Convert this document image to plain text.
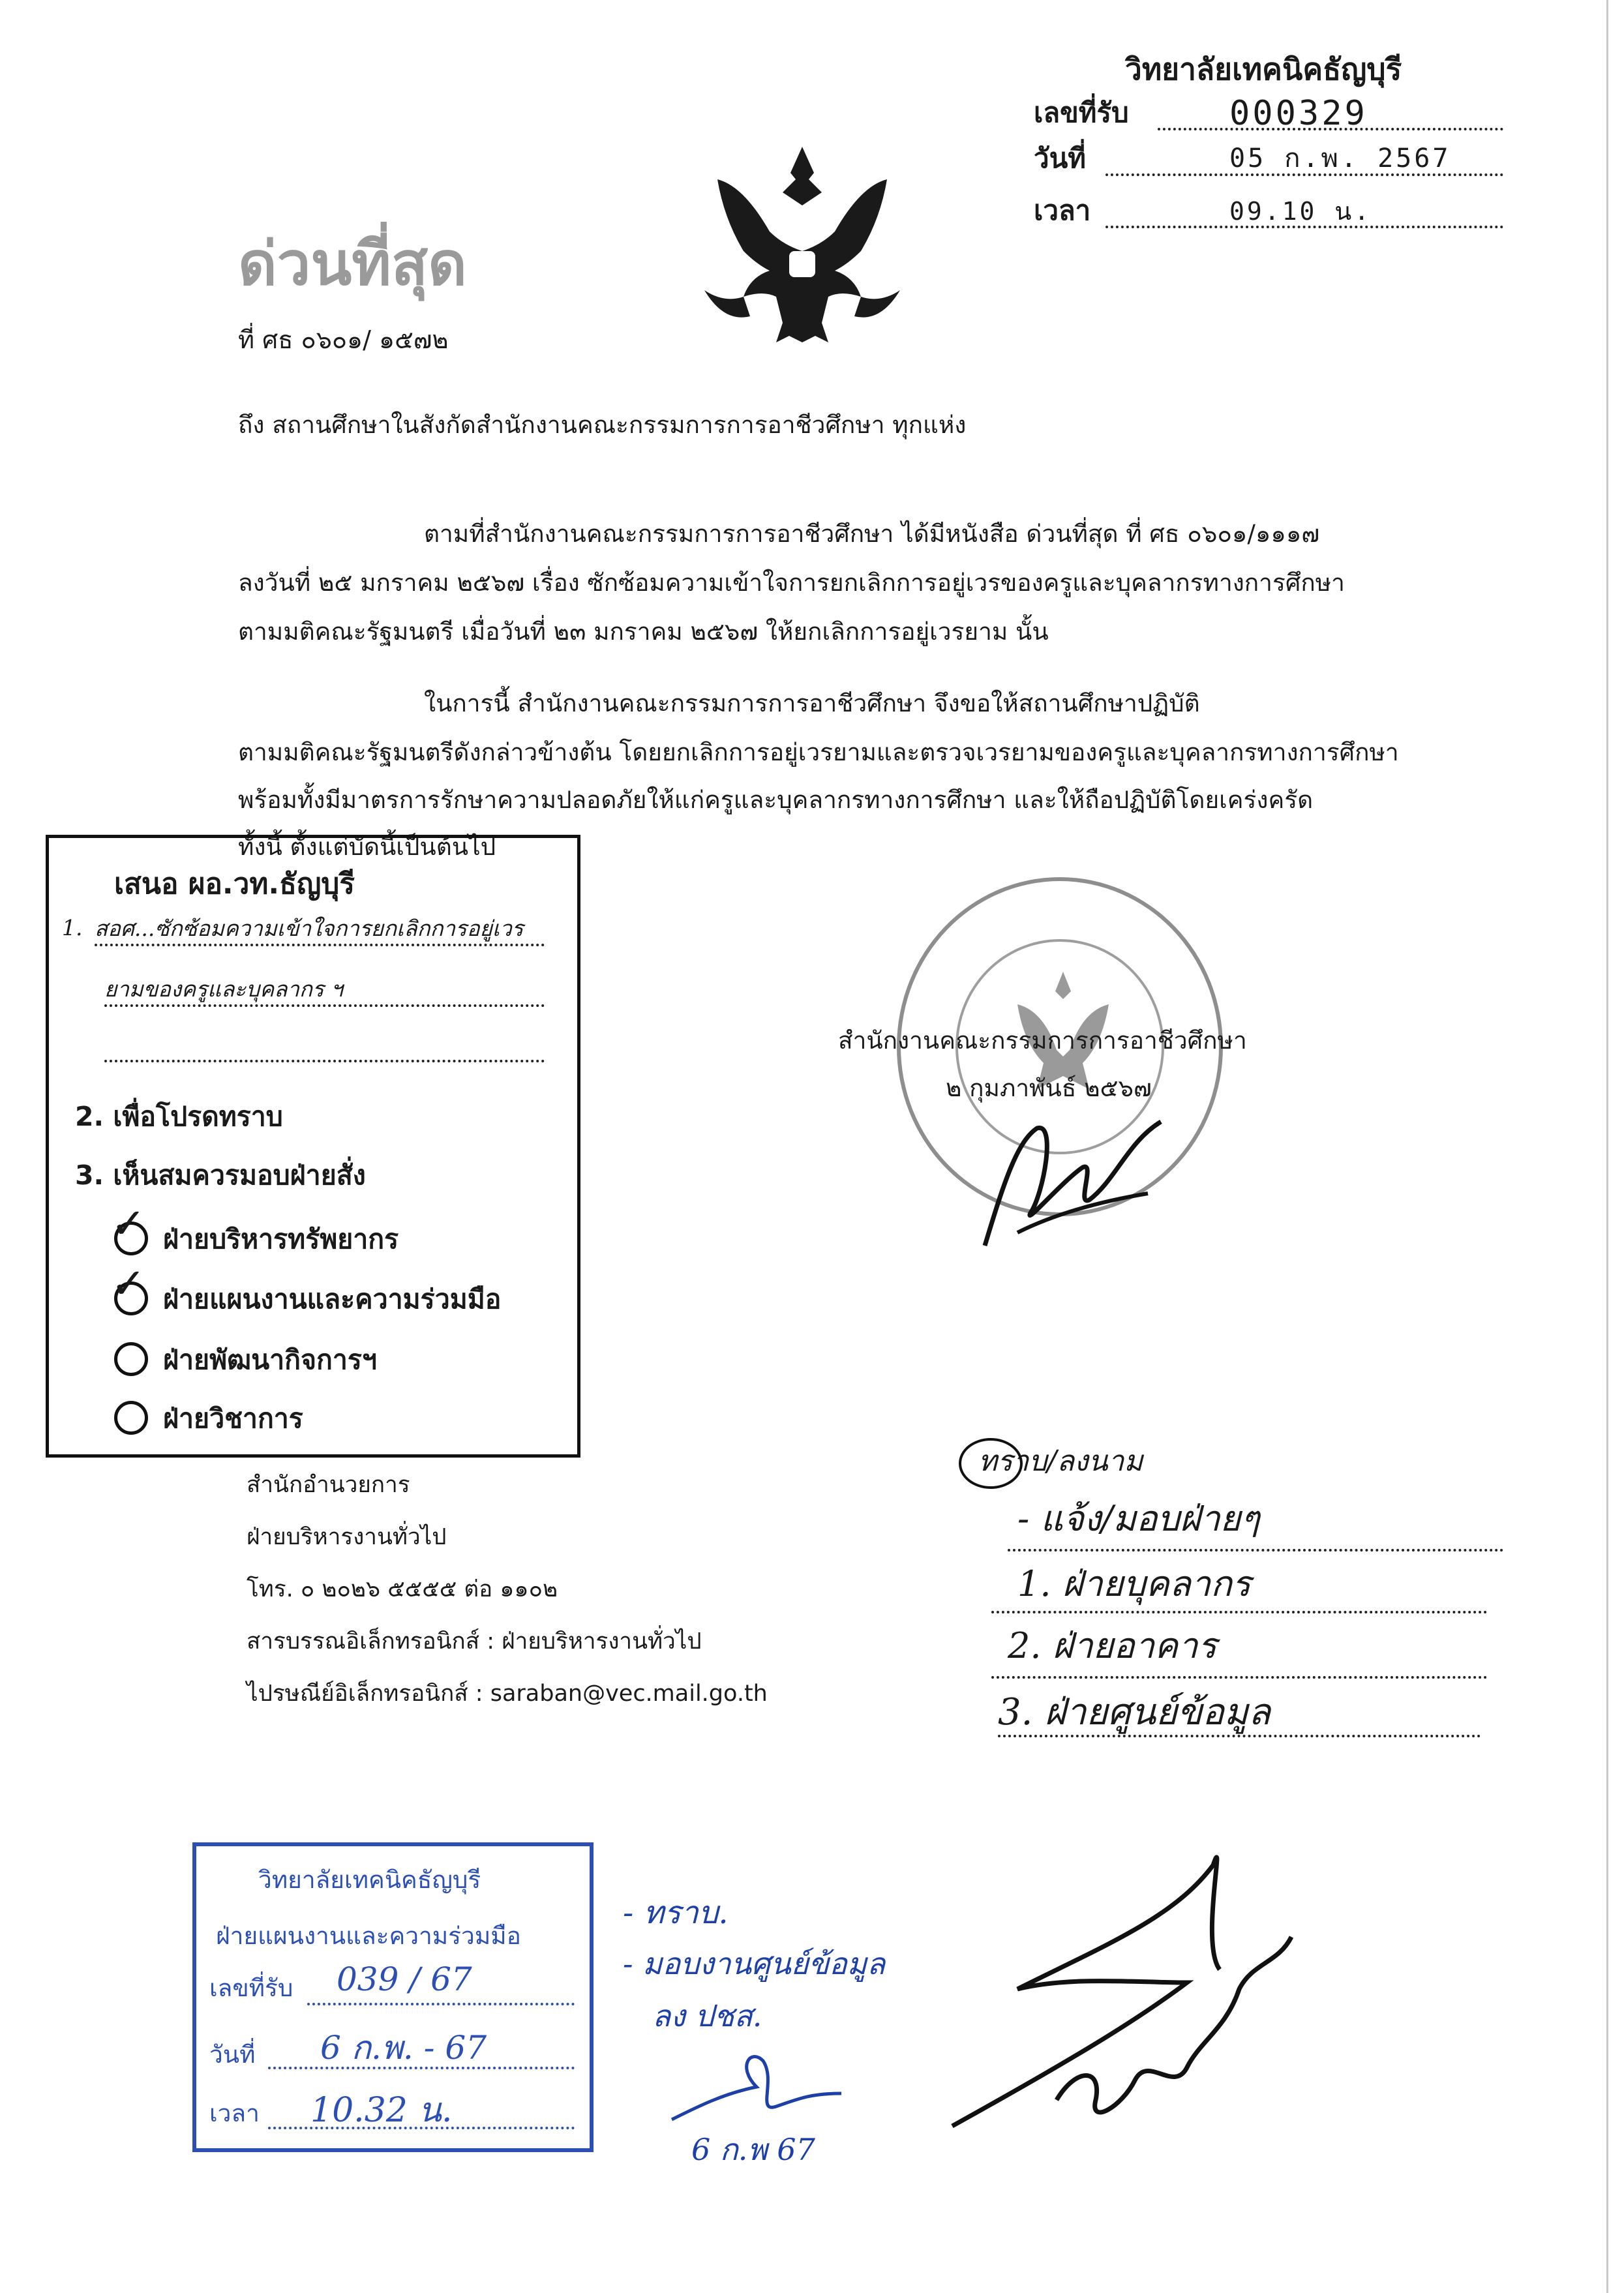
วิทยาลัยเทคนิคธัญบุรี
เลขที่รับ	000329
วันที่	05 ก.พ. 2567
เวลา	09.10 น.
ด่วนที่สุด
ที่ ศธ ๐๖๐๑/ ๑๕๗๒
ถึง สถานศึกษาในสังกัดสำนักงานคณะกรรมการการอาชีวศึกษา ทุกแห่ง
ตามที่สำนักงานคณะกรรมการการอาชีวศึกษา ได้มีหนังสือ ด่วนที่สุด ที่ ศธ ๐๖๐๑/๑๑๑๗
ลงวันที่ ๒๕ มกราคม ๒๕๖๗ เรื่อง ซักซ้อมความเข้าใจการยกเลิกการอยู่เวรของครูและบุคลากรทางการศึกษา
ตามมติคณะรัฐมนตรี เมื่อวันที่ ๒๓ มกราคม ๒๕๖๗ ให้ยกเลิกการอยู่เวรยาม นั้น
ในการนี้ สำนักงานคณะกรรมการการอาชีวศึกษา จึงขอให้สถานศึกษาปฏิบัติ
ตามมติคณะรัฐมนตรีดังกล่าวข้างต้น โดยยกเลิกการอยู่เวรยามและตรวจเวรยามของครูและบุคลากรทางการศึกษา
พร้อมทั้งมีมาตรการรักษาความปลอดภัยให้แก่ครูและบุคลากรทางการศึกษา และให้ถือปฏิบัติโดยเคร่งครัด
ทั้งนี้ ตั้งแต่บัดนี้เป็นต้นไป
เสนอ ผอ.วท.ธัญบุรี
1. สอศ...ซักซ้อมความเข้าใจการยกเลิกการอยู่เวร
ยามของครูและบุคลากร ฯ
2. เพื่อโปรดทราบ
3. เห็นสมควรมอบฝ่ายสั่ง
✓ ฝ่ายบริหารทรัพยากร
✓ ฝ่ายแผนงานและความร่วมมือ
ฝ่ายพัฒนากิจการฯ
ฝ่ายวิชาการ
สำนักงานคณะกรรมการการอาชีวศึกษา
๒ กุมภาพันธ์ ๒๕๖๗
สำนักอำนวยการ
ฝ่ายบริหารงานทั่วไป
โทร. ๐ ๒๐๒๖ ๕๕๕๕ ต่อ ๑๑๐๒
สารบรรณอิเล็กทรอนิกส์ : ฝ่ายบริหารงานทั่วไป
ไปรษณีย์อิเล็กทรอนิกส์ : saraban@vec.mail.go.th
ทราบ/ลงนาม
- แจ้ง/มอบฝ่ายๆ
1. ฝ่ายบุคลากร
2. ฝ่ายอาคาร
3. ฝ่ายศูนย์ข้อมูล
วิทยาลัยเทคนิคธัญบุรี
ฝ่ายแผนงานและความร่วมมือ
เลขที่รับ 039 / 67
วันที่ 6 ก.พ. - 67
เวลา 10.32 น.
- ทราบ.
- มอบงานศูนย์ข้อมูล
ลง ปชส.
6 ก.พ 67
